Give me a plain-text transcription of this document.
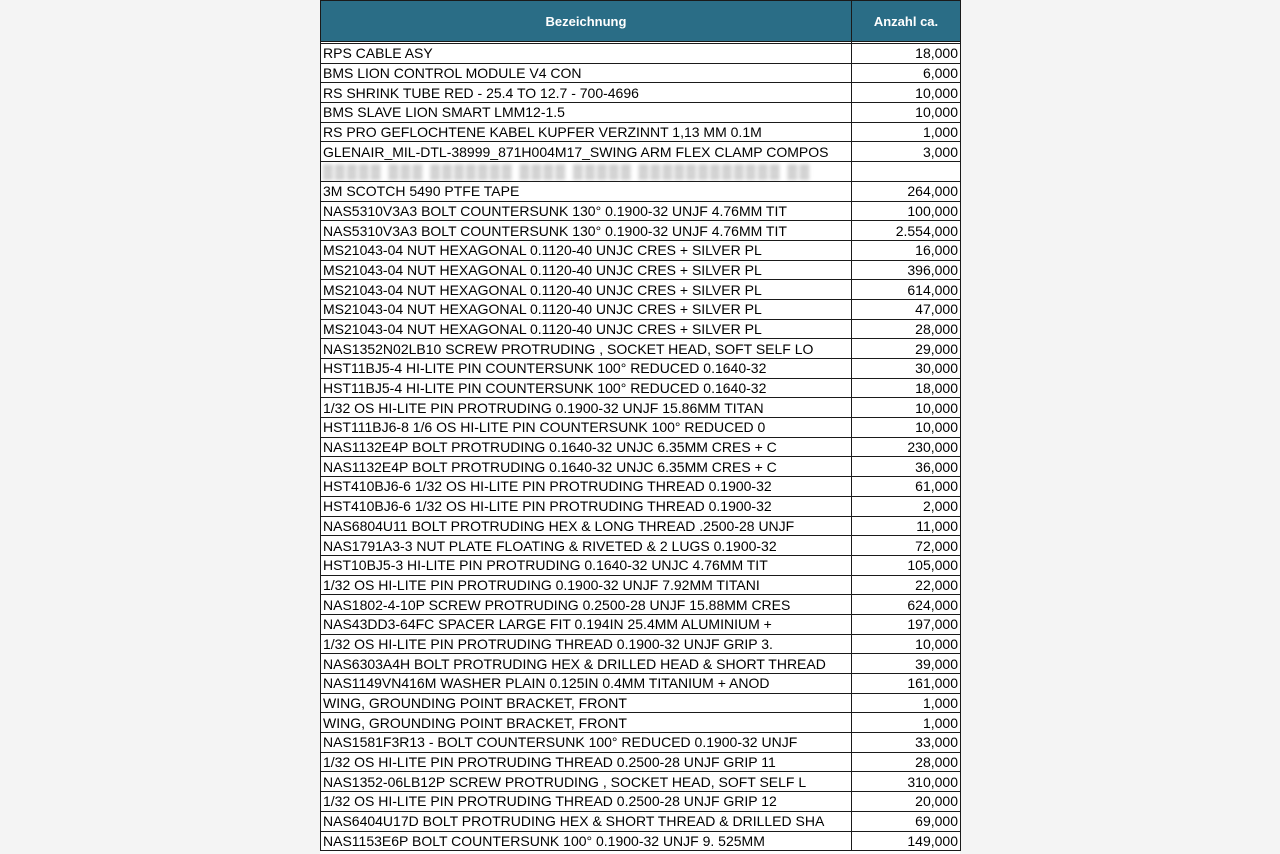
Bezeichnung	Anzahl ca.

RPS CABLE ASY	18,000
BMS LION CONTROL MODULE V4 CON	6,000
RS SHRINK TUBE RED - 25.4 TO 12.7 - 700-4696	10,000
BMS SLAVE LION SMART LMM12-1.5	10,000
RS PRO GEFLOCHTENE KABEL KUPFER VERZINNT 1,13 MM 0.1M	1,000
GLENAIR_MIL-DTL-38999_871H004M17_SWING ARM FLEX CLAMP COMPOS	3,000
▒▒▒▒▒ ▒▒▒ ▒▒▒▒▒▒▒ ▒▒▒▒ ▒▒▒▒▒ ▒▒▒▒▒▒▒▒▒▒▒▒ ▒▒	
3M SCOTCH 5490 PTFE TAPE	264,000
NAS5310V3A3 BOLT COUNTERSUNK 130° 0.1900-32 UNJF 4.76MM TIT	100,000
NAS5310V3A3 BOLT COUNTERSUNK 130° 0.1900-32 UNJF 4.76MM TIT	2.554,000
MS21043-04 NUT HEXAGONAL 0.1120-40 UNJC CRES + SILVER PL	16,000
MS21043-04 NUT HEXAGONAL 0.1120-40 UNJC CRES + SILVER PL	396,000
MS21043-04 NUT HEXAGONAL 0.1120-40 UNJC CRES + SILVER PL	614,000
MS21043-04 NUT HEXAGONAL 0.1120-40 UNJC CRES + SILVER PL	47,000
MS21043-04 NUT HEXAGONAL 0.1120-40 UNJC CRES + SILVER PL	28,000
NAS1352N02LB10 SCREW PROTRUDING , SOCKET HEAD, SOFT SELF LO	29,000
HST11BJ5-4 HI-LITE PIN COUNTERSUNK 100° REDUCED 0.1640-32	30,000
HST11BJ5-4 HI-LITE PIN COUNTERSUNK 100° REDUCED 0.1640-32	18,000
1/32 OS HI-LITE PIN PROTRUDING 0.1900-32 UNJF 15.86MM TITAN	10,000
HST111BJ6-8 1/6 OS HI-LITE PIN COUNTERSUNK 100° REDUCED 0	10,000
NAS1132E4P BOLT PROTRUDING 0.1640-32 UNJC 6.35MM CRES + C	230,000
NAS1132E4P BOLT PROTRUDING 0.1640-32 UNJC 6.35MM CRES + C	36,000
HST410BJ6-6 1/32 OS HI-LITE PIN PROTRUDING THREAD 0.1900-32	61,000
HST410BJ6-6 1/32 OS HI-LITE PIN PROTRUDING THREAD 0.1900-32	2,000
NAS6804U11 BOLT PROTRUDING HEX & LONG THREAD .2500-28 UNJF	11,000
NAS1791A3-3 NUT PLATE FLOATING & RIVETED & 2 LUGS 0.1900-32	72,000
HST10BJ5-3 HI-LITE PIN PROTRUDING 0.1640-32 UNJC 4.76MM TIT	105,000
1/32 OS HI-LITE PIN PROTRUDING 0.1900-32 UNJF 7.92MM TITANI	22,000
NAS1802-4-10P SCREW PROTRUDING 0.2500-28 UNJF 15.88MM CRES	624,000
NAS43DD3-64FC SPACER LARGE FIT 0.194IN 25.4MM ALUMINIUM +	197,000
1/32 OS HI-LITE PIN PROTRUDING THREAD 0.1900-32 UNJF GRIP 3.	10,000
NAS6303A4H BOLT PROTRUDING HEX & DRILLED HEAD & SHORT THREAD	39,000
NAS1149VN416M WASHER PLAIN 0.125IN 0.4MM TITANIUM + ANOD	161,000
WING, GROUNDING POINT BRACKET, FRONT	1,000
WING, GROUNDING POINT BRACKET, FRONT	1,000
NAS1581F3R13 - BOLT COUNTERSUNK 100° REDUCED 0.1900-32 UNJF	33,000
1/32 OS HI-LITE PIN PROTRUDING THREAD 0.2500-28 UNJF GRIP 11	28,000
NAS1352-06LB12P SCREW PROTRUDING , SOCKET HEAD, SOFT SELF L	310,000
1/32 OS HI-LITE PIN PROTRUDING THREAD 0.2500-28 UNJF GRIP 12	20,000
NAS6404U17D BOLT PROTRUDING HEX & SHORT THREAD & DRILLED SHA	69,000
NAS1153E6P BOLT COUNTERSUNK 100° 0.1900-32 UNJF 9. 525MM	149,000
